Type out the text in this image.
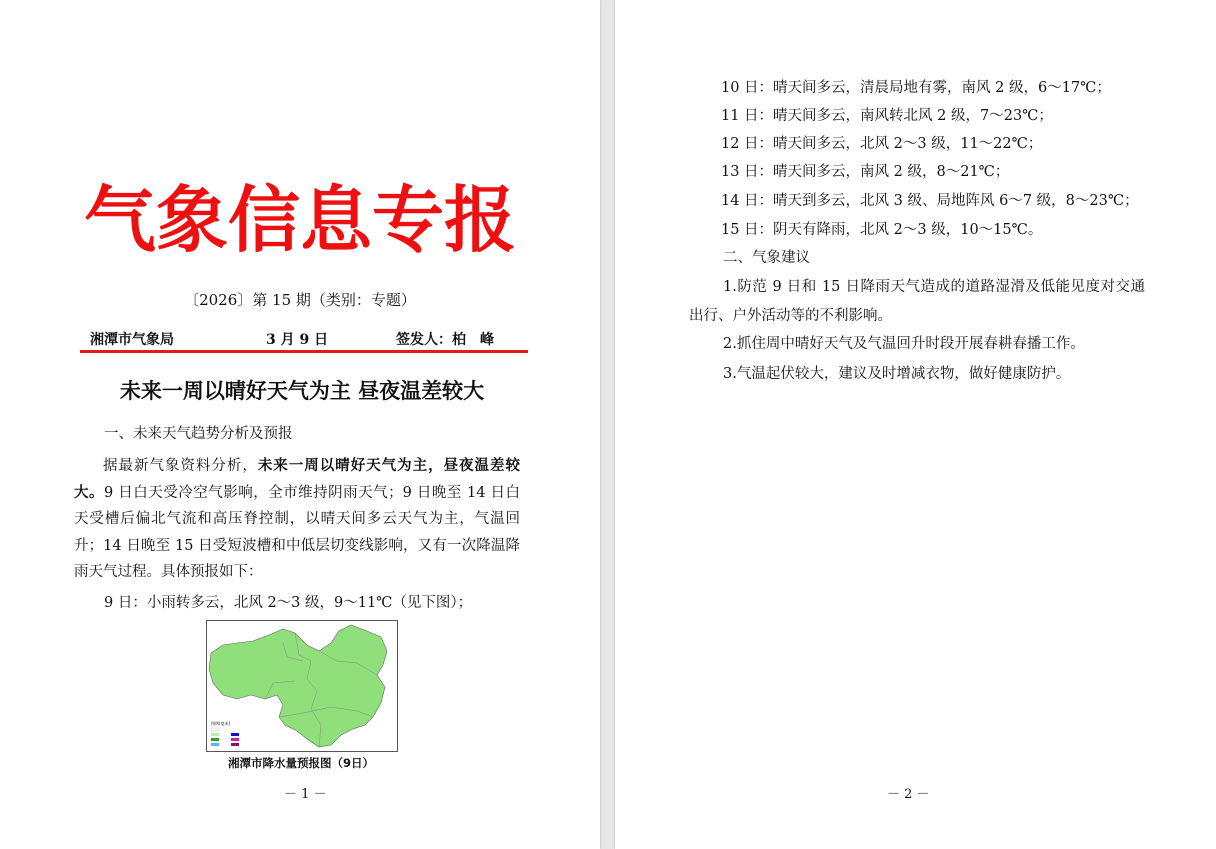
气象信息专报
〔2026〕第 15 期（类别：专题）
湘潭市气象局	3 月 9 日	签发人：柏　峰
未来一周以晴好天气为主 昼夜温差较大
一、未来天气趋势分析及预报
据最新气象资料分析，未来一周以晴好天气为主，昼夜温差较大。9 日白天受冷空气影响，全市维持阴雨天气；9 日晚至 14 日白天受槽后偏北气流和高压脊控制，以晴天间多云天气为主，气温回升；14 日晚至 15 日受短波槽和中低层切变线影响，又有一次降温降雨天气过程。具体预报如下：
9 日：小雨转多云，北风 2～3 级，9～11℃（见下图）；
图例(毫米)
湘潭市降水量预报图（9日）
－ 1 －
10 日：晴天间多云，清晨局地有雾，南风 2 级，6～17℃；
11 日：晴天间多云，南风转北风 2 级，7～23℃；
12 日：晴天间多云，北风 2～3 级，11～22℃；
13 日：晴天间多云，南风 2 级，8～21℃；
14 日：晴天到多云，北风 3 级、局地阵风 6～7 级，8～23℃；
15 日：阴天有降雨，北风 2～3 级，10～15℃。
二、气象建议
1.防范 9 日和 15 日降雨天气造成的道路湿滑及低能见度对交通出行、户外活动等的不利影响。
2.抓住周中晴好天气及气温回升时段开展春耕春播工作。
3.气温起伏较大，建议及时增减衣物，做好健康防护。
－ 2 －
